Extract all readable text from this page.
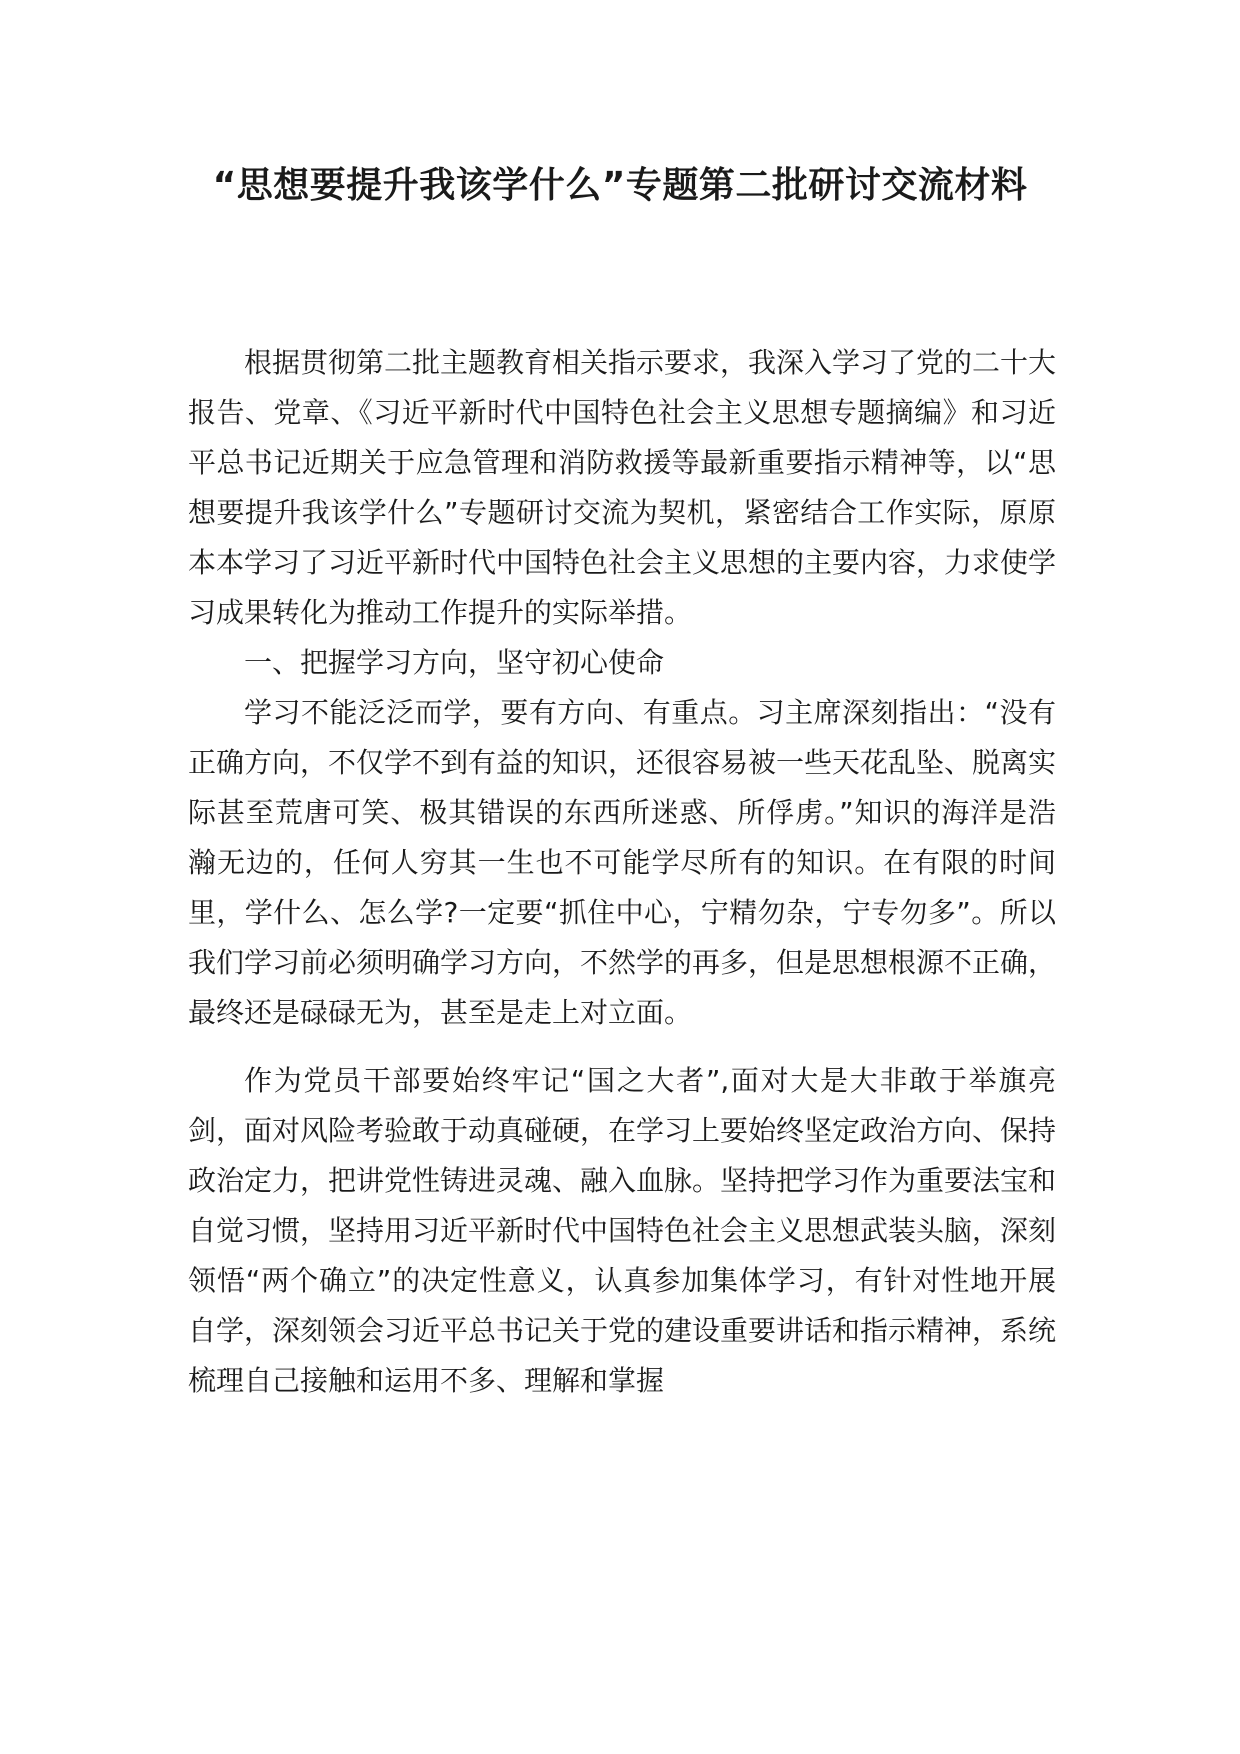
“思想要提升我该学什么”专题第二批研讨交流材料

根据贯彻第二批主题教育相关指示要求，我深入学习了党的二十大报告、党章、《习近平新时代中国特色社会主义思想专题摘编》和习近平总书记近期关于应急管理和消防救援等最新重要指示精神等，以“思想要提升我该学什么”专题研讨交流为契机，紧密结合工作实际，原原本本学习了习近平新时代中国特色社会主义思想的主要内容，力求使学习成果转化为推动工作提升的实际举措。

一、把握学习方向，坚守初心使命

学习不能泛泛而学，要有方向、有重点。习主席深刻指出：“没有正确方向，不仅学不到有益的知识，还很容易被一些天花乱坠、脱离实际甚至荒唐可笑、极其错误的东西所迷惑、所俘虏。”知识的海洋是浩瀚无边的，任何人穷其一生也不可能学尽所有的知识。在有限的时间里，学什么、怎么学?一定要“抓住中心，宁精勿杂，宁专勿多”。所以我们学习前必须明确学习方向，不然学的再多，但是思想根源不正确，最终还是碌碌无为，甚至是走上对立面。

作为党员干部要始终牢记“国之大者”,面对大是大非敢于举旗亮剑，面对风险考验敢于动真碰硬，在学习上要始终坚定政治方向、保持政治定力，把讲党性铸进灵魂、融入血脉。坚持把学习作为重要法宝和自觉习惯，坚持用习近平新时代中国特色社会主义思想武装头脑，深刻领悟“两个确立”的决定性意义，认真参加集体学习，有针对性地开展自学，深刻领会习近平总书记关于党的建设重要讲话和指示精神，系统梳理自己接触和运用不多、理解和掌握
